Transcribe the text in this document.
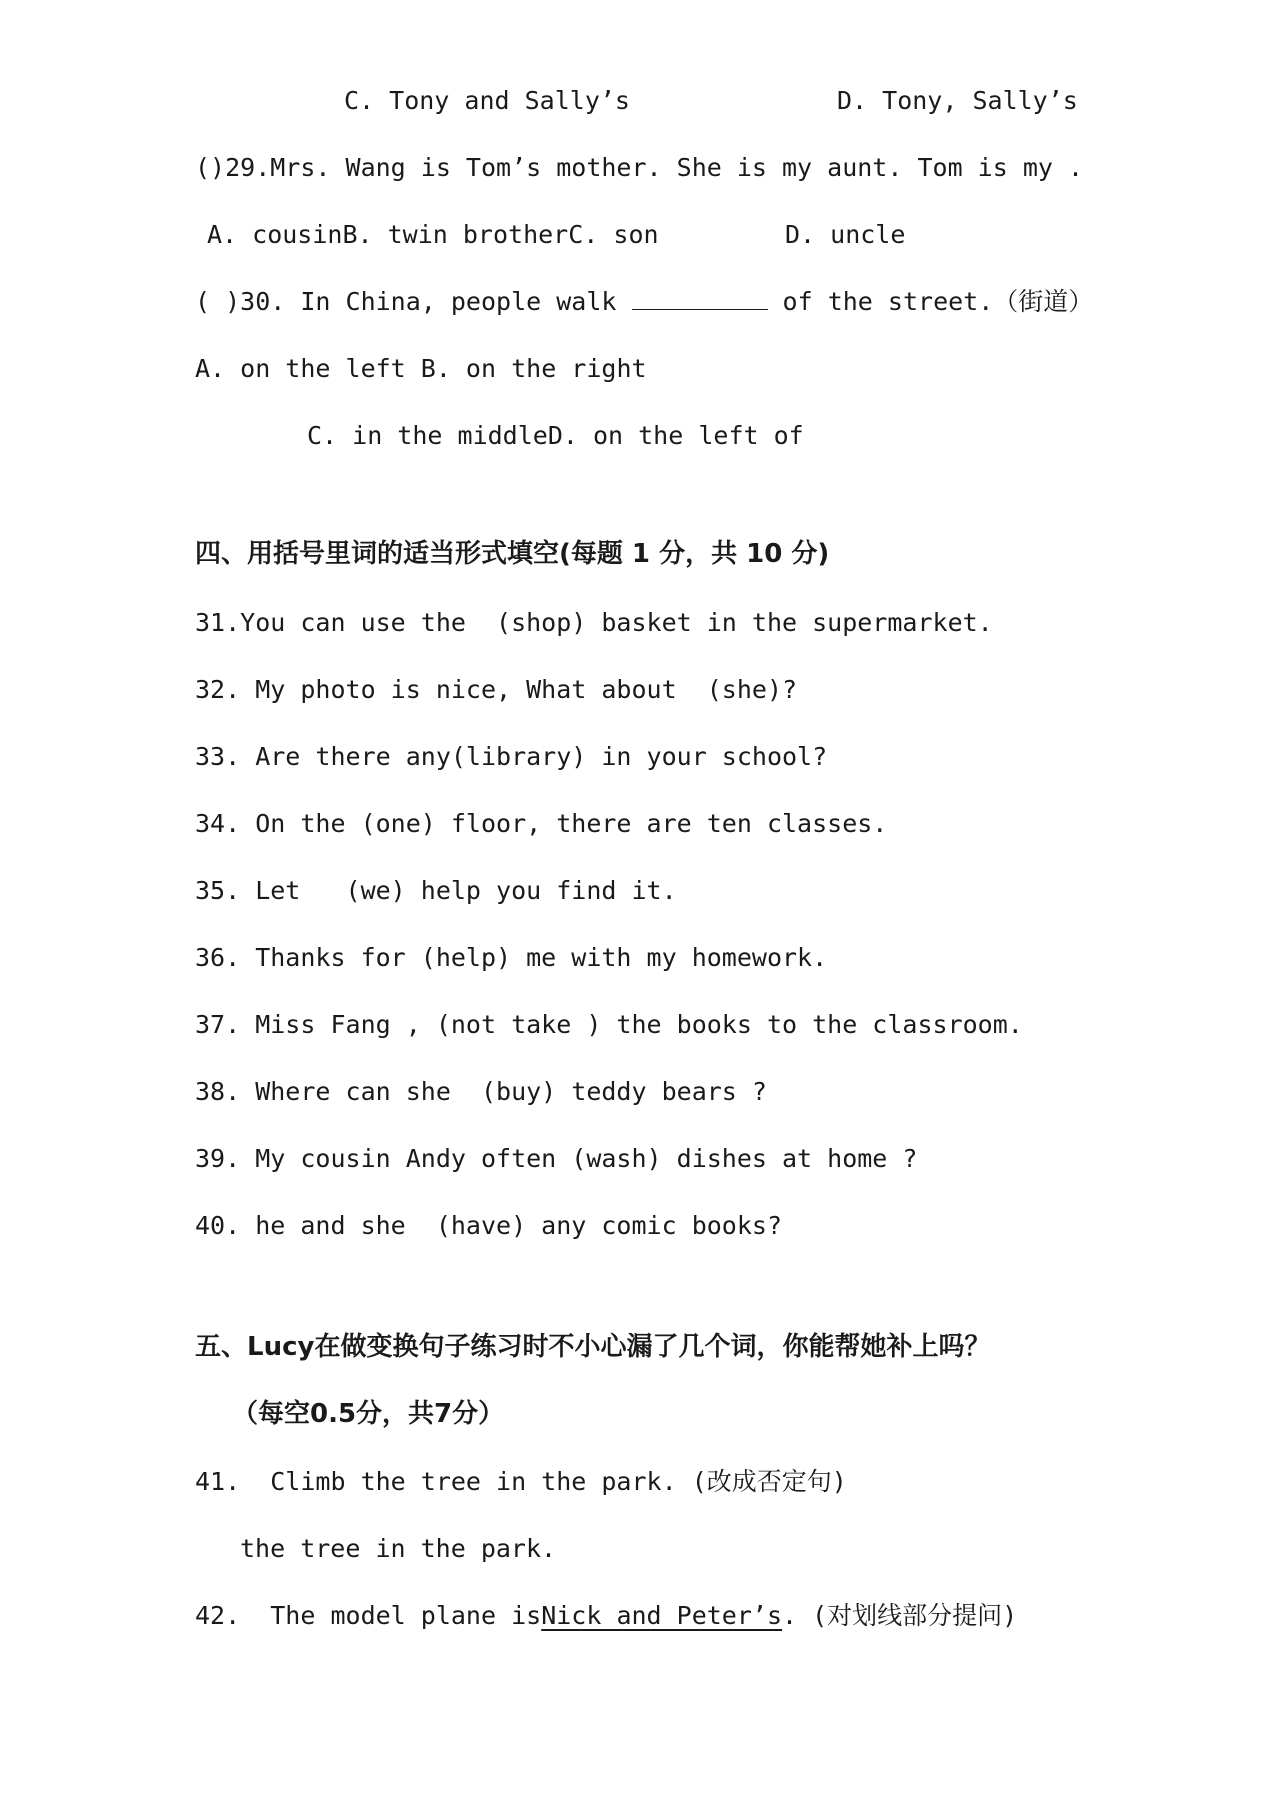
C. Tony and Sally’s	D. Tony, Sally’s
()29.Mrs. Wang is Tom’s mother. She is my aunt. Tom is my .
A. cousinB. twin brotherC. son	D. uncle
( )30. In China, people walk	of the street.（街道）
A. on the left B. on the right
C. in the middleD. on the left of
四、用括号里词的适当形式填空(每题 1 分，共 10 分)
31.You can use the  (shop) basket in the supermarket.
32. My photo is nice, What about  (she)?
33. Are there any(library) in your school?
34. On the (one) floor, there are ten classes.
35. Let   (we) help you find it.
36. Thanks for (help) me with my homework.
37. Miss Fang , (not take ) the books to the classroom.
38. Where can she  (buy) teddy bears ?
39. My cousin Andy often (wash) dishes at home ?
40. he and she  (have) any comic books?
五、Lucy在做变换句子练习时不小心漏了几个词，你能帮她补上吗？
（每空0.5分，共7分）
41.  Climb the tree in the park. (改成否定句)
the tree in the park.
42.  The model plane isNick and Peter’s. (对划线部分提问)
